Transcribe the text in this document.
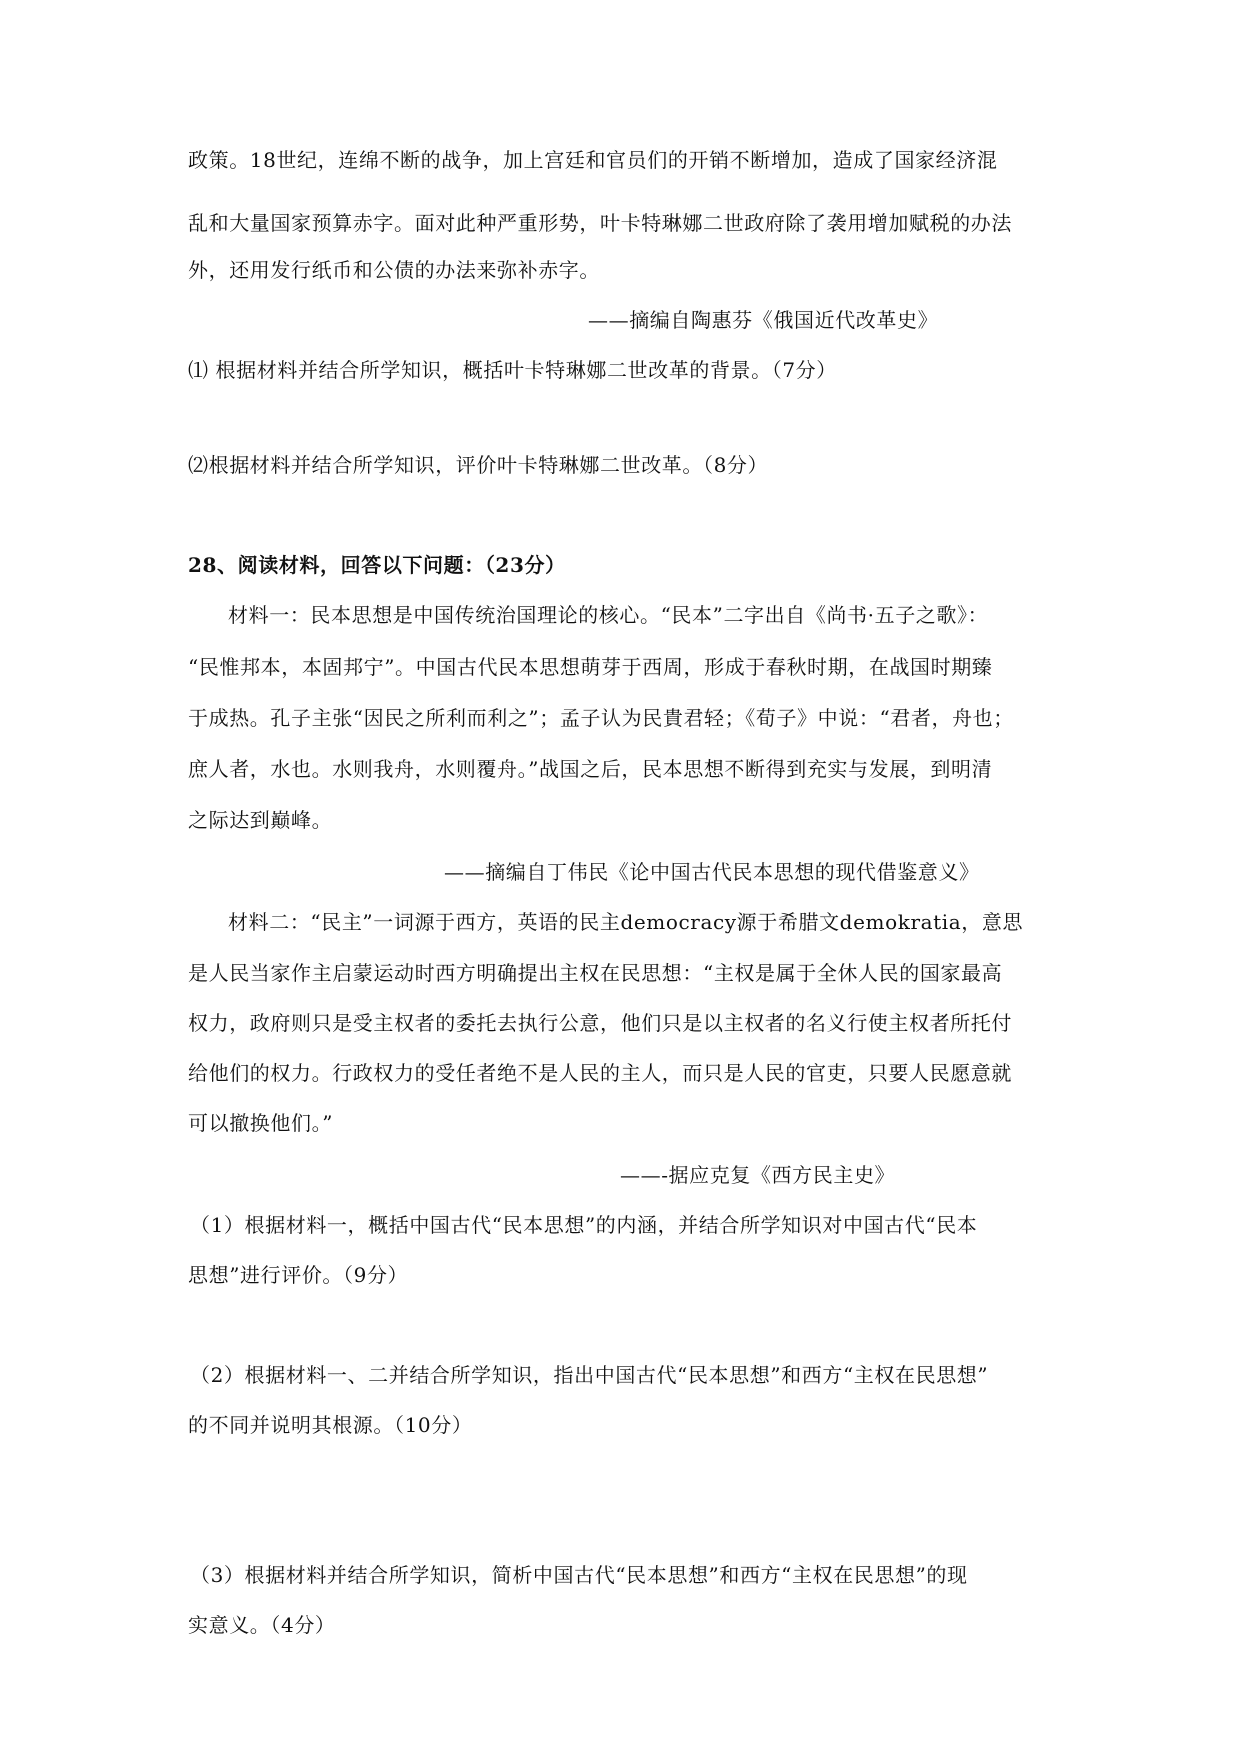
政策。18世纪，连绵不断的战争，加上宫廷和官员们的开销不断增加，造成了国家经济混
乱和大量国家预算赤字。面对此种严重形势，叶卡特琳娜二世政府除了袭用增加赋税的办法
外，还用发行纸币和公债的办法来弥补赤字。
——摘编自陶惠芬《俄国近代改革史》
⑴ 根据材料并结合所学知识，概括叶卡特琳娜二世改革的背景。（7分）
⑵根据材料并结合所学知识，评价叶卡特琳娜二世改革。（8分）
28、阅读材料，回答以下问题：（23分）
材料一：民本思想是中国传统治国理论的核心。“民本”二字出自《尚书·五子之歌》：
“民惟邦本，本固邦宁”。中国古代民本思想萌芽于西周，形成于春秋时期，在战国时期臻
于成热。孔子主张“因民之所利而利之”；孟子认为民貴君轻；《荀子》中说：“君者，舟也；
庶人者，水也。水则我舟，水则覆舟。”战国之后，民本思想不断得到充实与发展，到明清
之际达到巅峰。
——摘编自丁伟民《论中国古代民本思想的现代借鉴意义》
材料二：“民主”一词源于西方，英语的民主democracy源于希腊文demokratia，意思
是人民当家作主启蒙运动时西方明确提出主权在民思想：“主权是属于全休人民的国家最高
权力，政府则只是受主权者的委托去执行公意，他们只是以主权者的名义行使主权者所托付
给他们的权力。行政权力的受任者绝不是人民的主人，而只是人民的官吏，只要人民愿意就
可以撤换他们。”
——-据应克复《西方民主史》
（1）根据材料一，概括中国古代“民本思想”的内涵，并结合所学知识对中国古代“民本
思想”进行评价。（9分）
（2）根据材料一、二并结合所学知识，指出中国古代“民本思想”和西方“主权在民思想”
的不同并说明其根源。（10分）
（3）根据材料并结合所学知识，简析中国古代“民本思想”和西方“主权在民思想”的现
实意义。（4分）
